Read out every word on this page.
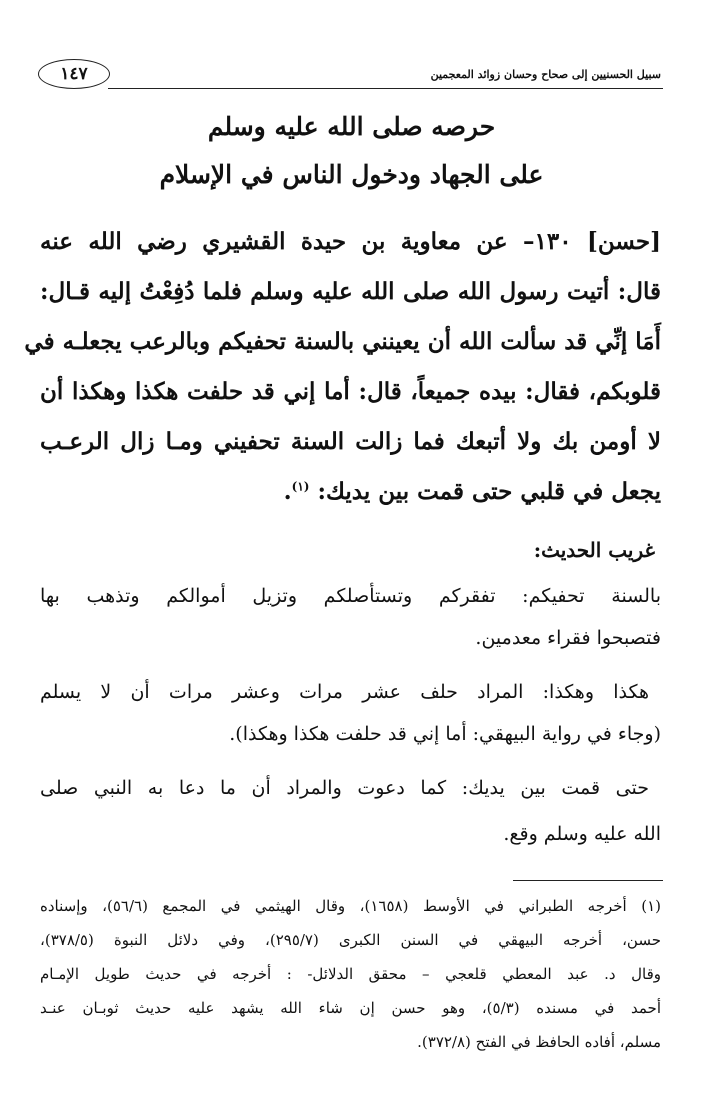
١٤٧	سبيل الحسنيين إلى صحاح وحسان زوائد المعجمين
حرصه صلى الله عليه وسلم
على الجهاد ودخول الناس في الإسلام
[حسن] ١٣٠– عن معاوية بن حيدة القشيري رضي الله عنه
قال: أتيت رسول الله صلى الله عليه وسلم فلما دُفِعْتُ إليه قـال:
أَمَا إنِّي قد سألت الله أن يعينني بالسنة تحفيكم وبالرعب يجعلـه في
قلوبكم، فقال: بيده جميعاً، قال: أما إني قد حلفت هكذا وهكذا أن
لا أومن بك ولا أتبعك فما زالت السنة تحفيني ومـا زال الرعـب
يجعل في قلبي حتى قمت بين يديك: $^{(١)}$.
غريب الحديث:
بالسنة تحفيكم: تفقركم وتستأصلكم وتزيل أموالكم وتذهب بها
فتصبحوا فقراء معدمين.
هكذا وهكذا: المراد حلف عشر مرات وعشر مرات أن لا يسلم
(وجاء في رواية البيهقي: أما إني قد حلفت هكذا وهكذا).
حتى قمت بين يديك: كما دعوت والمراد أن ما دعا به النبي صلى
الله عليه وسلم وقع.
(١) أخرجه الطبراني في الأوسط (١٦٥٨)، وقال الهيثمي في المجمع (٥٦/٦)، وإسناده
حسن، أخرجه البيهقي في السنن الكبرى (٢٩٥/٧)، وفي دلائل النبوة (٣٧٨/٥)،
وقال د. عبد المعطي قلعجي – محقق الدلائل- : أخرجه في حديث طويل الإمـام
أحمد في مسنده (٥/٣)، وهو حسن إن شاء الله يشهد عليه حديث ثوبـان عنـد
مسلم، أفاده الحافظ في الفتح (٣٧٢/٨).
